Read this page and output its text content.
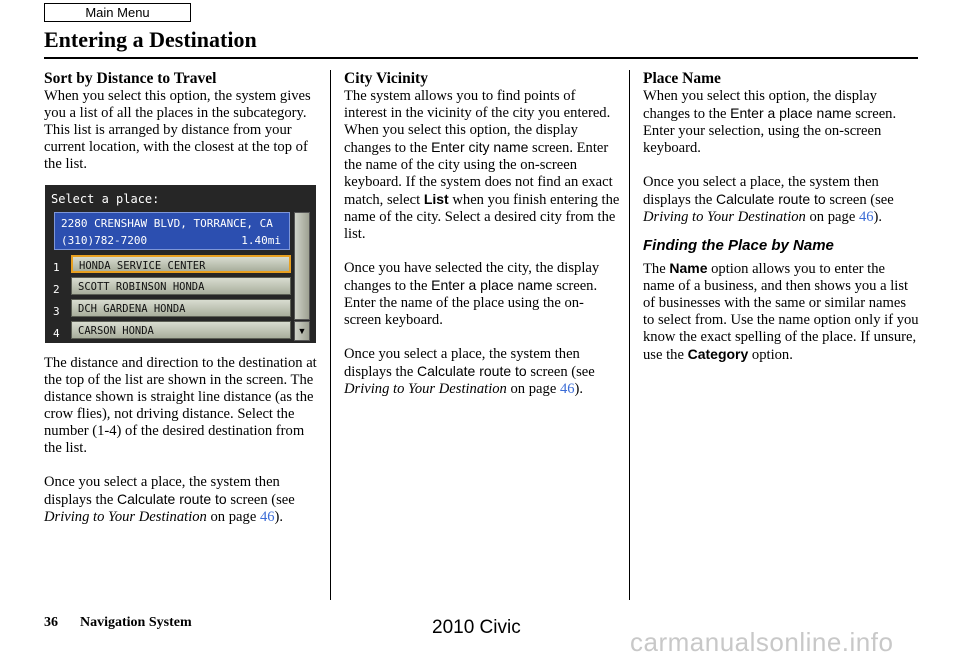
Main Menu
Entering a Destination
Sort by Distance to Travel

When you select this option, the system gives you a list of all the places in the subcategory. This list is arranged by distance from your current location, with the closest at the top of the list.

Select a place:
2280 CRENSHAW BLVD, TORRANCE, CA
(310)782-7200	1.40mi
1 HONDA SERVICE CENTER
2 SCOTT ROBINSON HONDA
3 DCH GARDENA HONDA
4 CARSON HONDA	▼

The distance and direction to the destination at the top of the list are shown in the screen. The distance shown is straight line distance (as the crow flies), not driving distance. Select the number (1-4) of the desired destination from the list.

Once you select a place, the system then displays the Calculate route to screen (see Driving to Your Destination on page 46).

City Vicinity

The system allows you to find points of interest in the vicinity of the city you entered. When you select this option, the display changes to the Enter city name screen. Enter the name of the city using the on-screen keyboard. If the system does not find an exact match, select List when you finish entering the name of the city. Select a desired city from the list.

Once you have selected the city, the display changes to the Enter a place name screen. Enter the name of the place using the on-screen keyboard.

Once you select a place, the system then displays the Calculate route to screen (see Driving to Your Destination on page 46).

Place Name

When you select this option, the display changes to the Enter a place name screen. Enter your selection, using the on-screen keyboard.

Once you select a place, the system then displays the Calculate route to screen (see Driving to Your Destination on page 46).

Finding the Place by Name

The Name option allows you to enter the name of a business, and then shows you a list of businesses with the same or similar names to select from. Use the name option only if you know the exact spelling of the place. If unsure, use the Category option.

36 Navigation System	2010 Civic	carmanualsonline.info
